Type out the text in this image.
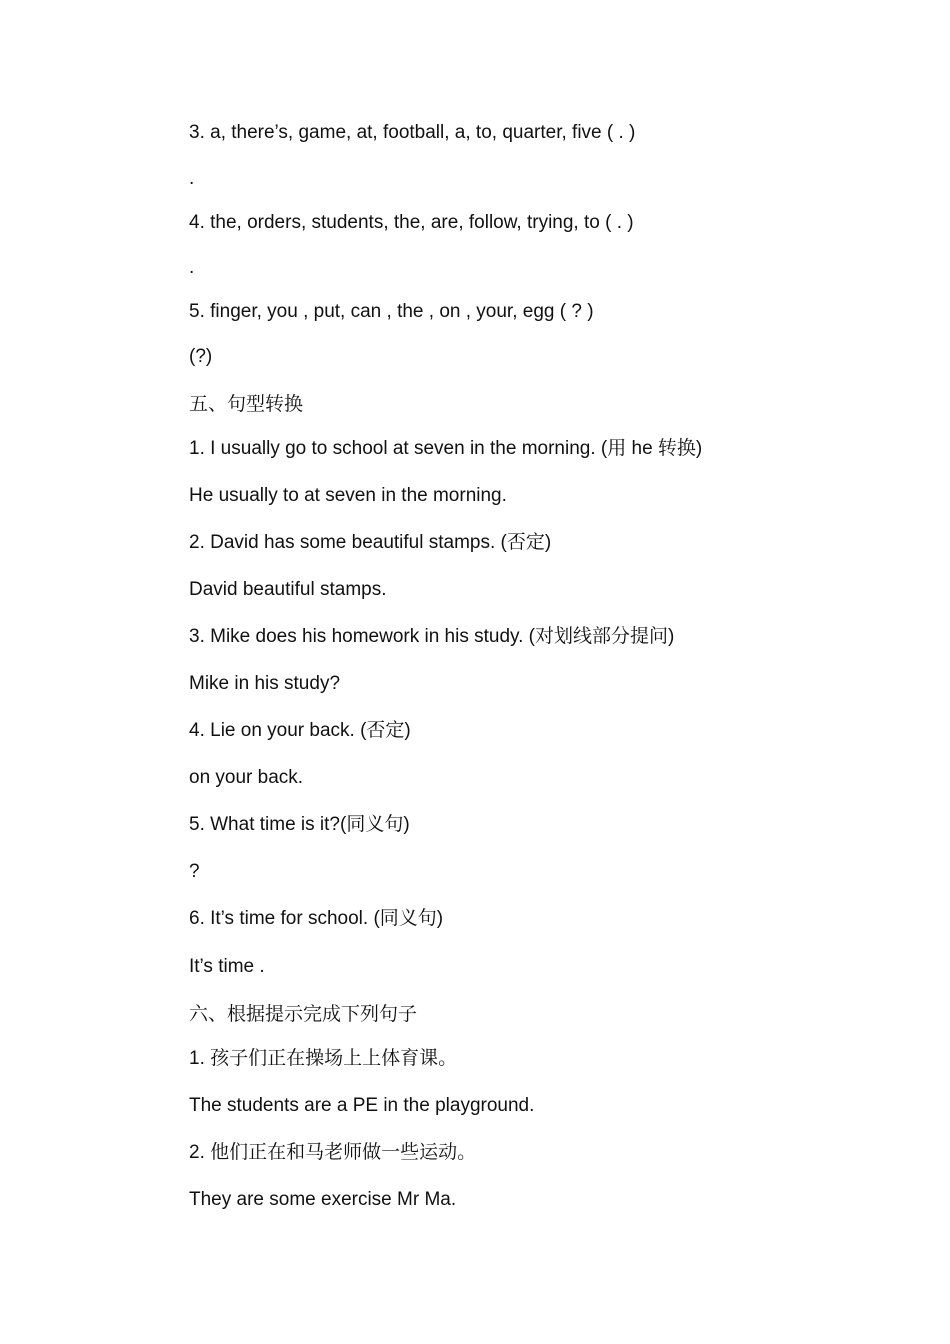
3. a, there’s, game, at, football, a, to, quarter, five ( . )
.
4. the, orders, students, the, are, follow, trying, to ( . )
.
5. finger, you , put, can , the , on , your, egg ( ? )
(?)
五、句型转换
1. I usually go to school at seven in the morning. (用 he 转换)
He usually to at seven in the morning.
2. David has some beautiful stamps. (否定)
David beautiful stamps.
3. Mike does his homework in his study. (对划线部分提问)
Mike in his study?
4. Lie on your back. (否定)
on your back.
5. What time is it?(同义句)
?
6. It’s time for school. (同义句)
It’s time .
六、根据提示完成下列句子
1. 孩子们正在操场上上体育课。
The students are a PE in the playground.
2. 他们正在和马老师做一些运动。
They are some exercise Mr Ma.
